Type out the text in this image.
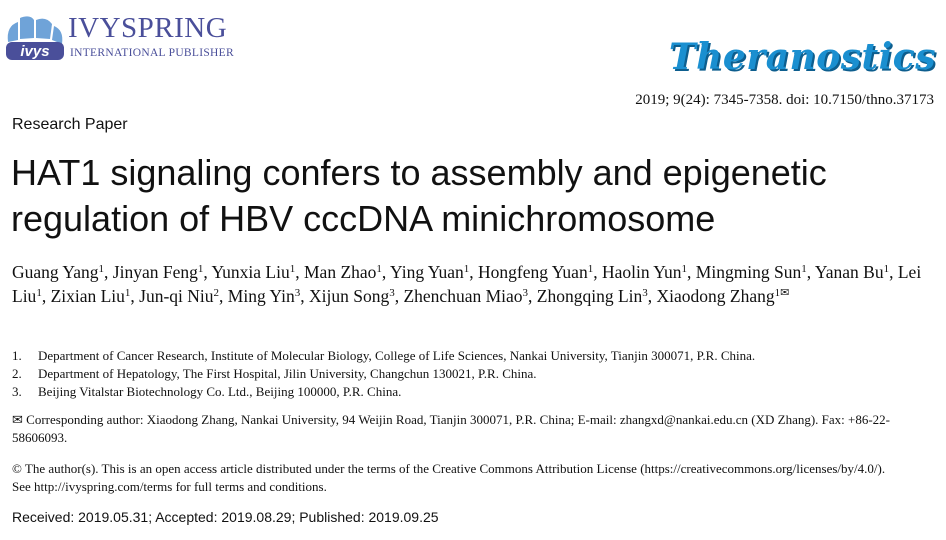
ivys
IVYSPRING
INTERNATIONAL PUBLISHER	Theranostics
2019; 9(24): 7345-7358. doi: 10.7150/thno.37173
Research Paper
HAT1 signaling confers to assembly and epigenetic
regulation of HBV cccDNA minichromosome
Guang Yang$^1$, Jinyan Feng$^1$, Yunxia Liu$^1$, Man Zhao$^1$, Ying Yuan$^1$, Hongfeng Yuan$^1$, Haolin Yun$^1$, Mingming Sun$^1$, Yanan Bu$^1$, Lei Liu$^1$, Zixian Liu$^1$, Jun-qi Niu$^2$, Ming Yin$^3$, Xijun Song$^3$, Zhenchuan Miao$^3$, Zhongqing Lin$^3$, Xiaodong Zhang$^{1✉}$
1.	Department of Cancer Research, Institute of Molecular Biology, College of Life Sciences, Nankai University, Tianjin 300071, P.R. China.
2.	Department of Hepatology, The First Hospital, Jilin University, Changchun 130021, P.R. China.
3.	Beijing Vitalstar Biotechnology Co. Ltd., Beijing 100000, P.R. China.
✉ Corresponding author: Xiaodong Zhang, Nankai University, 94 Weijin Road, Tianjin 300071, P.R. China; E-mail: zhangxd@nankai.edu.cn (XD Zhang). Fax: +86-22-58606093.
© The author(s). This is an open access article distributed under the terms of the Creative Commons Attribution License (https://creativecommons.org/licenses/by/4.0/).
See http://ivyspring.com/terms for full terms and conditions.
Received: 2019.05.31; Accepted: 2019.08.29; Published: 2019.09.25
